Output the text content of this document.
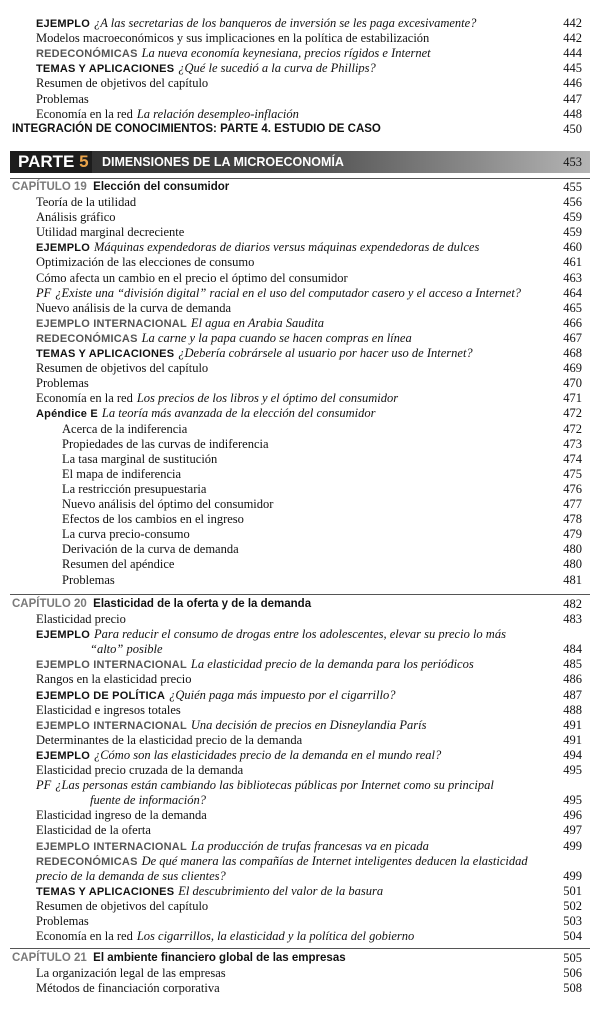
EJEMPLO ¿A las secretarias de los banqueros de inversión se les paga excesivamente?	442
Modelos macroeconómicos y sus implicaciones en la política de estabilización	442
REDECONÓMICAS La nueva economía keynesiana, precios rígidos e Internet	444
TEMAS Y APLICACIONES ¿Qué le sucedió a la curva de Phillips?	445
Resumen de objetivos del capítulo	446
Problemas	447
Economía en la red La relación desempleo-inflación	448
INTEGRACIÓN DE CONOCIMIENTOS: PARTE 4. ESTUDIO DE CASO	450
PARTE 5 DIMENSIONES DE LA MICROECONOMÍA	453
CAPÍTULO 19 Elección del consumidor	455
Teoría de la utilidad	456
Análisis gráfico	459
Utilidad marginal decreciente	459
EJEMPLO Máquinas expendedoras de diarios versus máquinas expendedoras de dulces	460
Optimización de las elecciones de consumo	461
Cómo afecta un cambio en el precio el óptimo del consumidor	463
PF ¿Existe una “división digital” racial en el uso del computador casero y el acceso a Internet?	464
Nuevo análisis de la curva de demanda	465
EJEMPLO INTERNACIONAL El agua en Arabia Saudita	466
REDECONÓMICAS La carne y la papa cuando se hacen compras en línea	467
TEMAS Y APLICACIONES ¿Debería cobrársele al usuario por hacer uso de Internet?	468
Resumen de objetivos del capítulo	469
Problemas	470
Economía en la red Los precios de los libros y el óptimo del consumidor	471
Apéndice E La teoría más avanzada de la elección del consumidor	472
Acerca de la indiferencia	472
Propiedades de las curvas de indiferencia	473
La tasa marginal de sustitución	474
El mapa de indiferencia	475
La restricción presupuestaria	476
Nuevo análisis del óptimo del consumidor	477
Efectos de los cambios en el ingreso	478
La curva precio-consumo	479
Derivación de la curva de demanda	480
Resumen del apéndice	480
Problemas	481
CAPÍTULO 20 Elasticidad de la oferta y de la demanda	482
Elasticidad precio	483
EJEMPLO Para reducir el consumo de drogas entre los adolescentes, elevar su precio lo más
“alto” posible	484
EJEMPLO INTERNACIONAL La elasticidad precio de la demanda para los periódicos	485
Rangos en la elasticidad precio	486
EJEMPLO DE POLÍTICA ¿Quién paga más impuesto por el cigarrillo?	487
Elasticidad e ingresos totales	488
EJEMPLO INTERNACIONAL Una decisión de precios en Disneylandia París	491
Determinantes de la elasticidad precio de la demanda	491
EJEMPLO ¿Cómo son las elasticidades precio de la demanda en el mundo real?	494
Elasticidad precio cruzada de la demanda	495
PF ¿Las personas están cambiando las bibliotecas públicas por Internet como su principal
fuente de información?	495
Elasticidad ingreso de la demanda	496
Elasticidad de la oferta	497
EJEMPLO INTERNACIONAL La producción de trufas francesas va en picada	499
REDECONÓMICAS De qué manera las compañías de Internet inteligentes deducen la elasticidad
precio de la demanda de sus clientes?	499
TEMAS Y APLICACIONES El descubrimiento del valor de la basura	501
Resumen de objetivos del capítulo	502
Problemas	503
Economía en la red Los cigarrillos, la elasticidad y la política del gobierno	504
CAPÍTULO 21 El ambiente financiero global de las empresas	505
La organización legal de las empresas	506
Métodos de financiación corporativa	508
